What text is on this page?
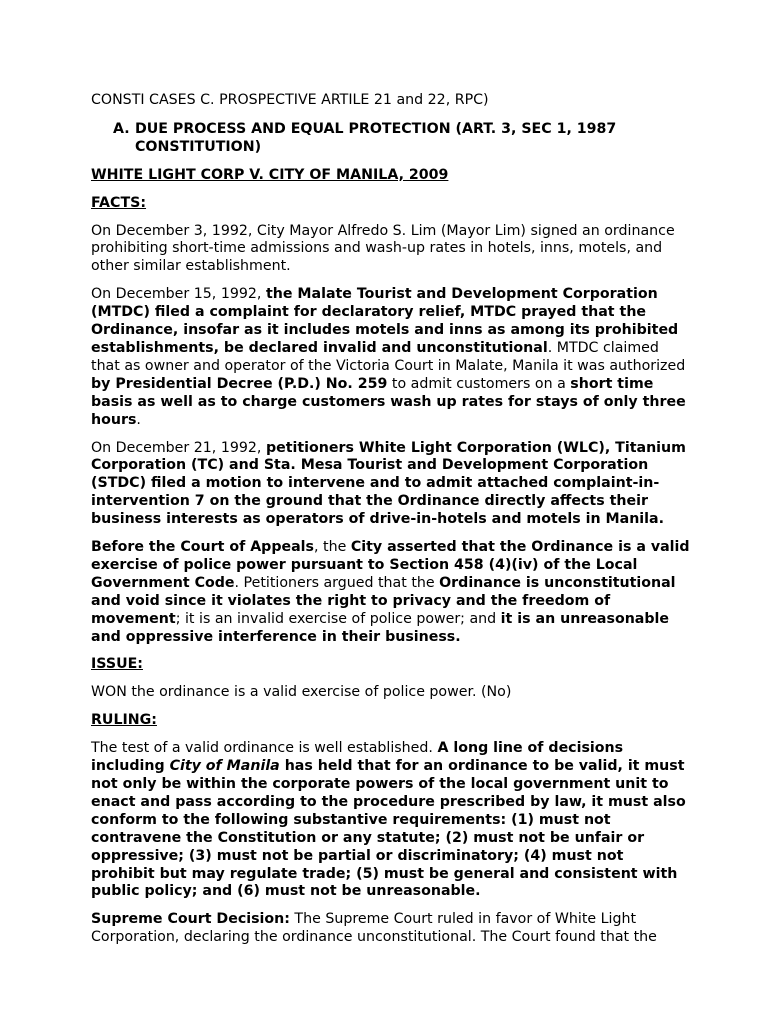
CONSTI CASES C. PROSPECTIVE ARTILE 21 and 22, RPC)

A. DUE PROCESS AND EQUAL PROTECTION (ART. 3, SEC 1, 1987 CONSTITUTION)

WHITE LIGHT CORP V. CITY OF MANILA, 2009

FACTS:

On December 3, 1992, City Mayor Alfredo S. Lim (Mayor Lim) signed an ordinance prohibiting short-time admissions and wash-up rates in hotels, inns, motels, and other similar establishment.

On December 15, 1992, the Malate Tourist and Development Corporation (MTDC) filed a complaint for declaratory relief, MTDC prayed that the Ordinance, insofar as it includes motels and inns as among its prohibited establishments, be declared invalid and unconstitutional. MTDC claimed that as owner and operator of the Victoria Court in Malate, Manila it was authorized by Presidential Decree (P.D.) No. 259 to admit customers on a short time basis as well as to charge customers wash up rates for stays of only three hours.

On December 21, 1992, petitioners White Light Corporation (WLC), Titanium Corporation (TC) and Sta. Mesa Tourist and Development Corporation (STDC) filed a motion to intervene and to admit attached complaint-in-intervention 7 on the ground that the Ordinance directly affects their business interests as operators of drive-in-hotels and motels in Manila.

Before the Court of Appeals, the City asserted that the Ordinance is a valid exercise of police power pursuant to Section 458 (4)(iv) of the Local Government Code. Petitioners argued that the Ordinance is unconstitutional and void since it violates the right to privacy and the freedom of movement; it is an invalid exercise of police power; and it is an unreasonable and oppressive interference in their business.

ISSUE:

WON the ordinance is a valid exercise of police power. (No)

RULING:

The test of a valid ordinance is well established. A long line of decisions including City of Manila has held that for an ordinance to be valid, it must not only be within the corporate powers of the local government unit to enact and pass according to the procedure prescribed by law, it must also conform to the following substantive requirements: (1) must not contravene the Constitution or any statute; (2) must not be unfair or oppressive; (3) must not be partial or discriminatory; (4) must not prohibit but may regulate trade; (5) must be general and consistent with public policy; and (6) must not be unreasonable.

Supreme Court Decision: The Supreme Court ruled in favor of White Light Corporation, declaring the ordinance unconstitutional. The Court found that the
